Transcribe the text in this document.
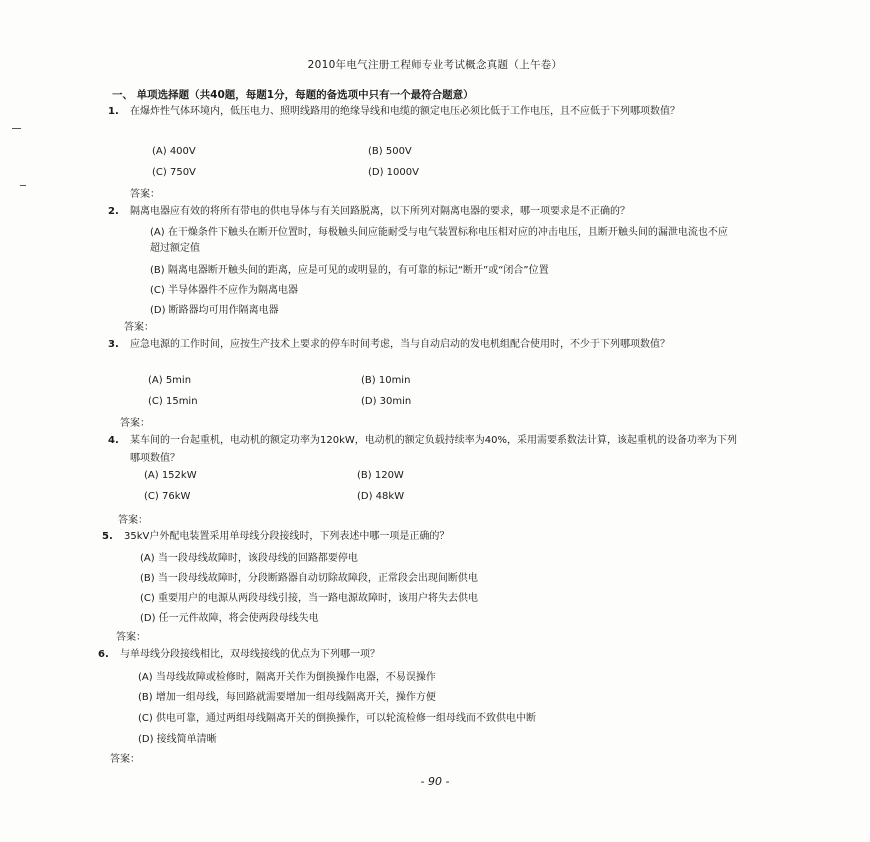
2010年电气注册工程师专业考试概念真题（上午卷）
一、 单项选择题（共40题，每题1分，每题的备选项中只有一个最符合题意）
1.	在爆炸性气体环境内，低压电力、照明线路用的绝缘导线和电缆的额定电压必须比低于工作电压，且不应低于下列哪项数值？
(A) 400V	(B) 500V
(C) 750V	(D) 1000V
答案：
2.	隔离电器应有效的将所有带电的供电导体与有关回路脱离，以下所列对隔离电器的要求，哪一项要求是不正确的？
(A) 在干燥条件下触头在断开位置时，每极触头间应能耐受与电气装置标称电压相对应的冲击电压，且断开触头间的漏泄电流也不应超过额定值
(B) 隔离电器断开触头间的距离，应是可见的或明显的，有可靠的标记“断开”或“闭合”位置
(C) 半导体器件不应作为隔离电器
(D) 断路器均可用作隔离电器
答案：
3.	应急电源的工作时间，应按生产技术上要求的停车时间考虑，当与自动启动的发电机组配合使用时，不少于下列哪项数值？
(A) 5min	(B) 10min
(C) 15min	(D) 30min
答案：
4.	某车间的一台起重机，电动机的额定功率为120kW，电动机的额定负载持续率为40%，采用需要系数法计算，该起重机的设备功率为下列哪项数值？
(A) 152kW	(B) 120W
(C) 76kW	(D) 48kW
答案：
5.	35kV户外配电装置采用单母线分段接线时，下列表述中哪一项是正确的？
(A) 当一段母线故障时，该段母线的回路都要停电
(B) 当一段母线故障时，分段断路器自动切除故障段，正常段会出现间断供电
(C) 重要用户的电源从两段母线引接，当一路电源故障时，该用户将失去供电
(D) 任一元件故障，将会使两段母线失电
答案：
6.	与单母线分段接线相比，双母线接线的优点为下列哪一项？
(A) 当母线故障或检修时，隔离开关作为倒换操作电器，不易误操作
(B) 增加一组母线，每回路就需要增加一组母线隔离开关，操作方便
(C) 供电可靠，通过两组母线隔离开关的倒换操作，可以轮流检修一组母线而不致供电中断
(D) 接线简单清晰
答案：
- 90 -
